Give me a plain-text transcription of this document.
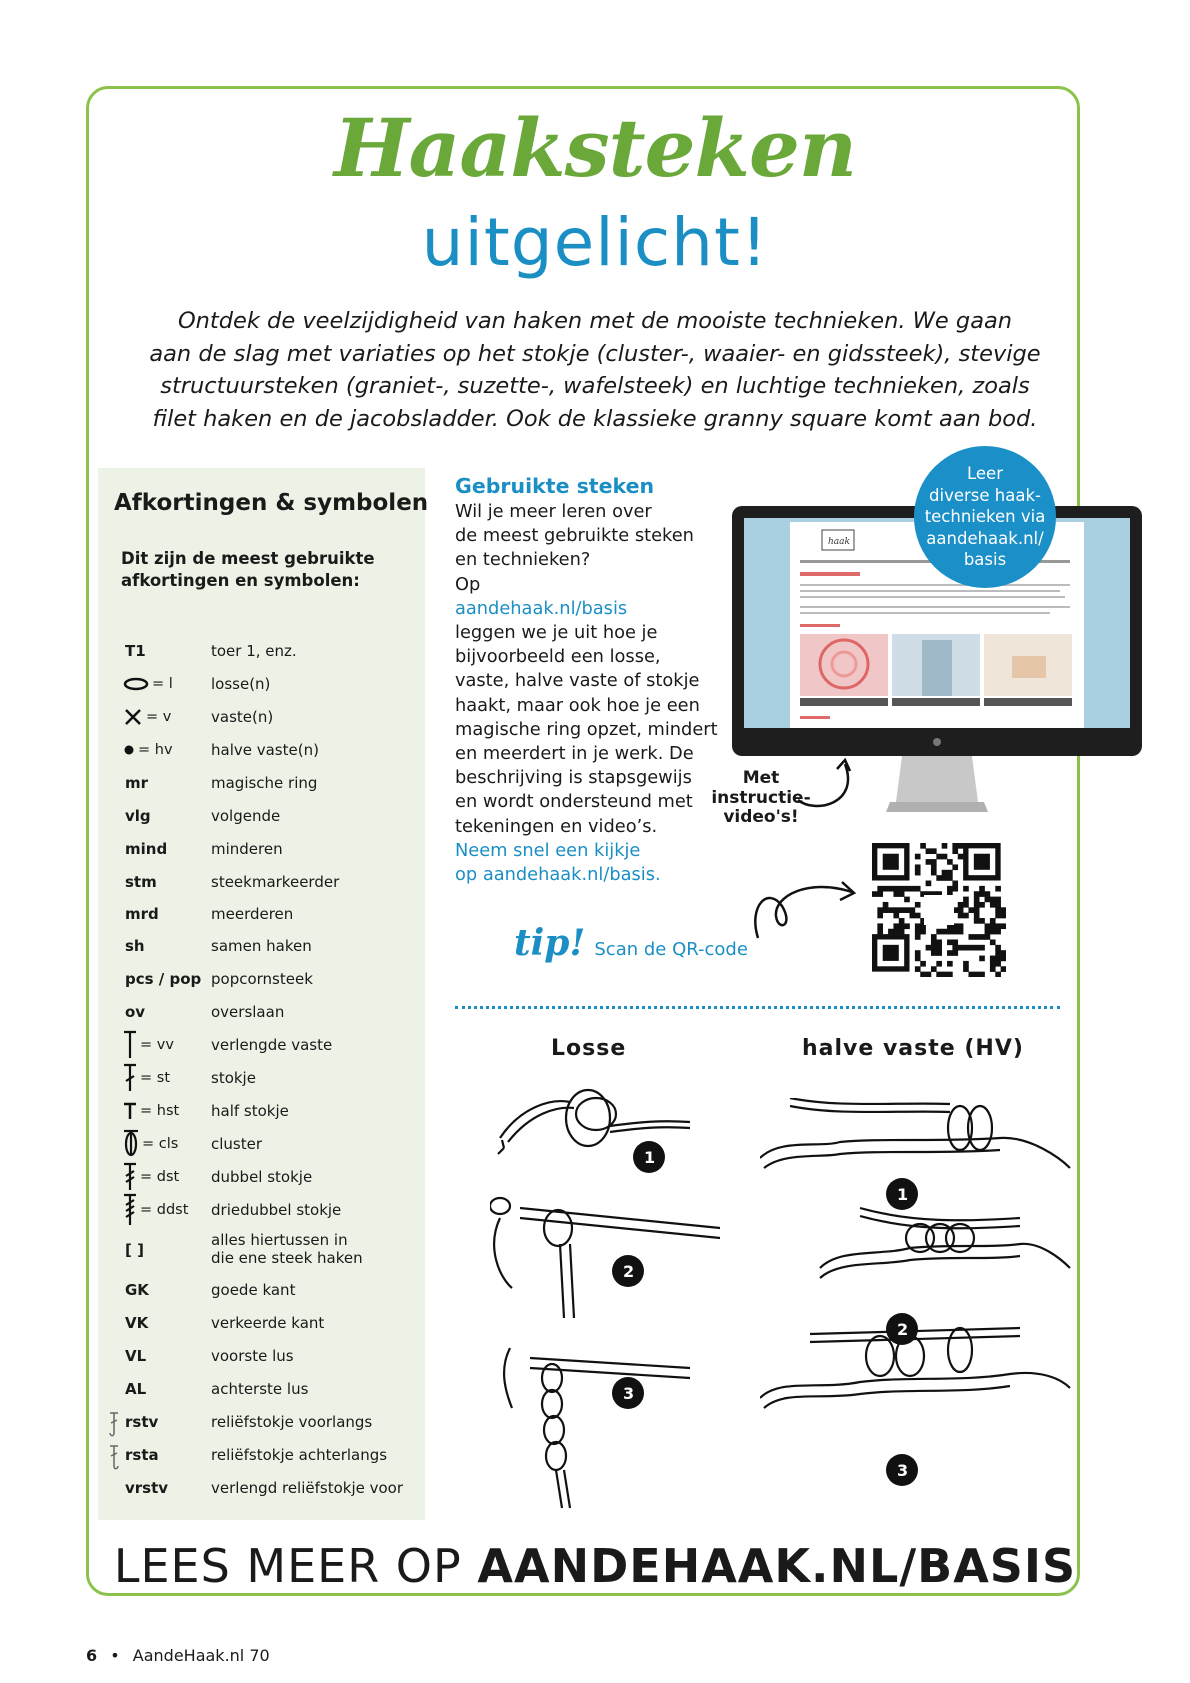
Haaksteken
uitgelicht!
Ontdek de veelzijdigheid van haken met de mooiste technieken. We gaan
aan de slag met variaties op het stokje (cluster-, waaier- en gidssteek), stevige
structuursteken (graniet-, suzette-, wafelsteek) en luchtige technieken, zoals
filet haken en de jacobsladder. Ook de klassieke granny square komt aan bod.
Afkortingen & symbolen
Dit zijn de meest gebruikte afkortingen en symbolen:
T1	toer 1, enz.
= l	losse(n)
= v	vaste(n)
= hv	halve vaste(n)
mr	magische ring
vlg	volgende
mind	minderen
stm	steekmarkeerder
mrd	meerderen
sh	samen haken
pcs / pop popcornsteek
ov	overslaan
= vv verlengde vaste
= st	stokje
= hst half stokje
= cls cluster
= dst dubbel stokje
= ddst driedubbel stokje
[ ]
alles hiertussen in
die ene steek haken
GK	goede kant
VK	verkeerde kant
VL	voorste lus
AL	achterste lus
rstv	reliëfstokje voorlangs
rsta	reliëfstokje achterlangs
vrstv	verlengd reliëfstokje voor
Gebruikte steken
Wil je meer leren over
de meest gebruikte steken
en technieken?
Op
aandehaak.nl/basis
leggen we je uit hoe je
bijvoorbeeld een losse,
vaste, halve vaste of stokje
haakt, maar ook hoe je een
magische ring opzet, mindert
en meerdert in je werk. De
beschrijving is stapsgewijs
en wordt ondersteund met
tekeningen en video’s.
Neem snel een kijkje
op aandehaak.nl/basis.
haak
Leer
diverse haak-
technieken via
aandehaak.nl/
basis
Met
instructie-
video's!
tip! Scan de QR-code
Losse	halve vaste (HV)
1
2
3
1
2
3
LEES MEER OP AANDEHAAK.NL/BASIS
6 • AandeHaak.nl 70
